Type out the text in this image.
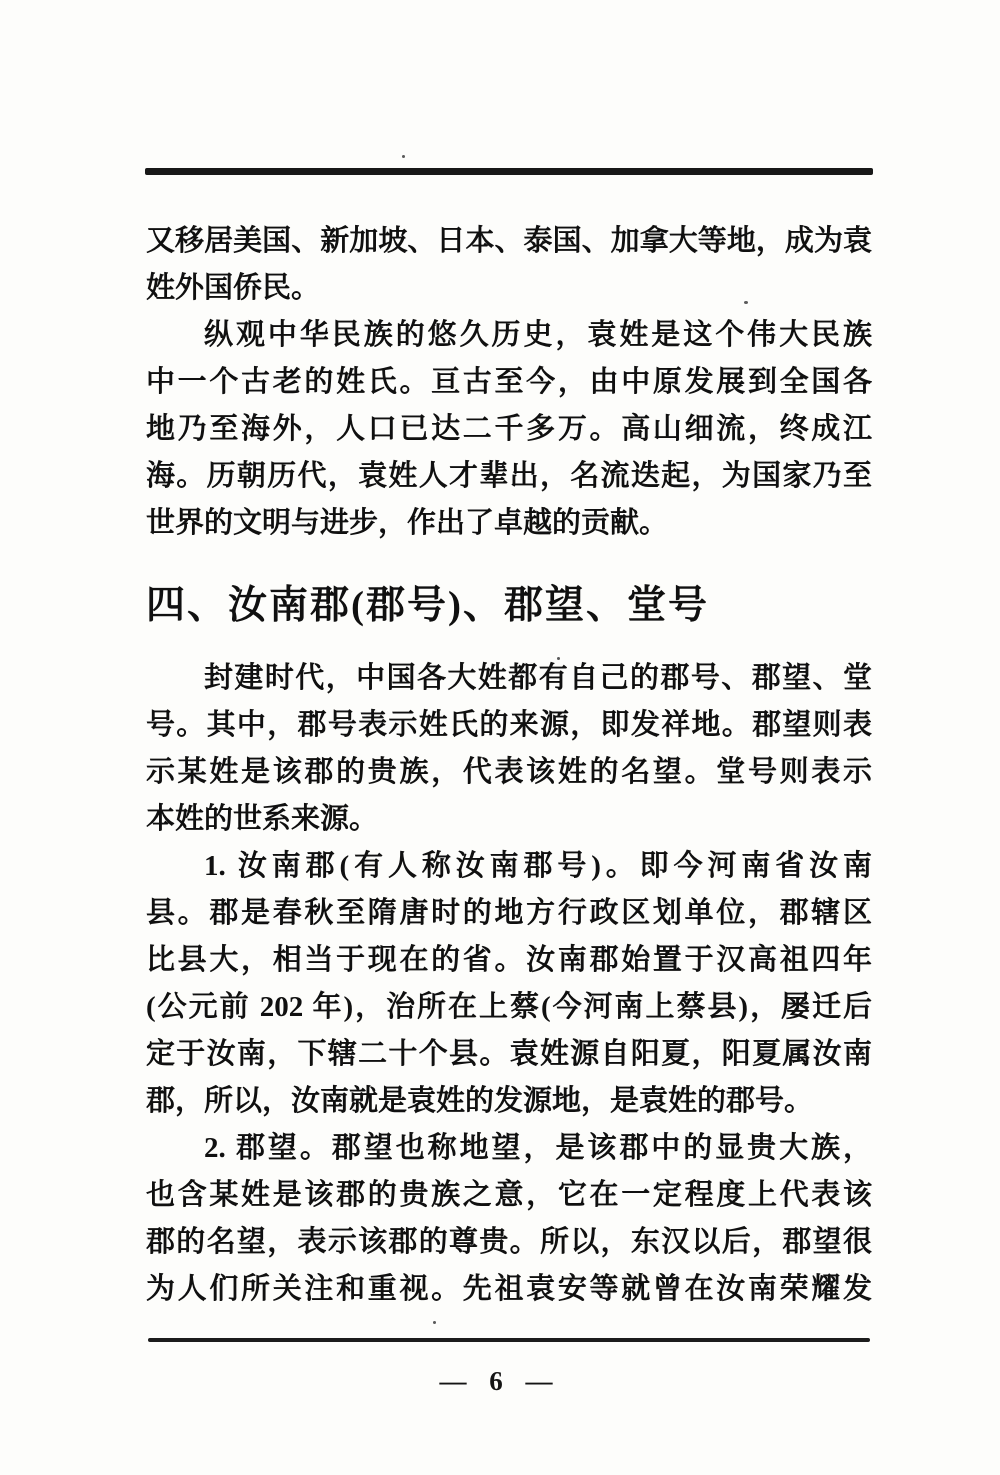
又移居美国、新加坡、日本、泰国、加拿大等地，成为袁
姓外国侨民。
纵观中华民族的悠久历史，袁姓是这个伟大民族
中一个古老的姓氏。亘古至今，由中原发展到全国各
地乃至海外，人口已达二千多万。高山细流，终成江
海。历朝历代，袁姓人才辈出，名流迭起，为国家乃至
世界的文明与进步，作出了卓越的贡献。
四、汝南郡(郡号)、郡望、堂号
封建时代，中国各大姓都有自己的郡号、郡望、堂
号。其中，郡号表示姓氏的来源，即发祥地。郡望则表
示某姓是该郡的贵族，代表该姓的名望。堂号则表示
本姓的世系来源。
1. 汝南郡(有人称汝南郡号)。即今河南省汝南
县。郡是春秋至隋唐时的地方行政区划单位，郡辖区
比县大，相当于现在的省。汝南郡始置于汉高祖四年
(公元前 202 年)，治所在上蔡(今河南上蔡县)，屡迁后
定于汝南，下辖二十个县。袁姓源自阳夏，阳夏属汝南
郡，所以，汝南就是袁姓的发源地，是袁姓的郡号。
2. 郡望。郡望也称地望，是该郡中的显贵大族，
也含某姓是该郡的贵族之意，它在一定程度上代表该
郡的名望，表示该郡的尊贵。所以，东汉以后，郡望很
为人们所关注和重视。先祖袁安等就曾在汝南荣耀发
— 6 —
